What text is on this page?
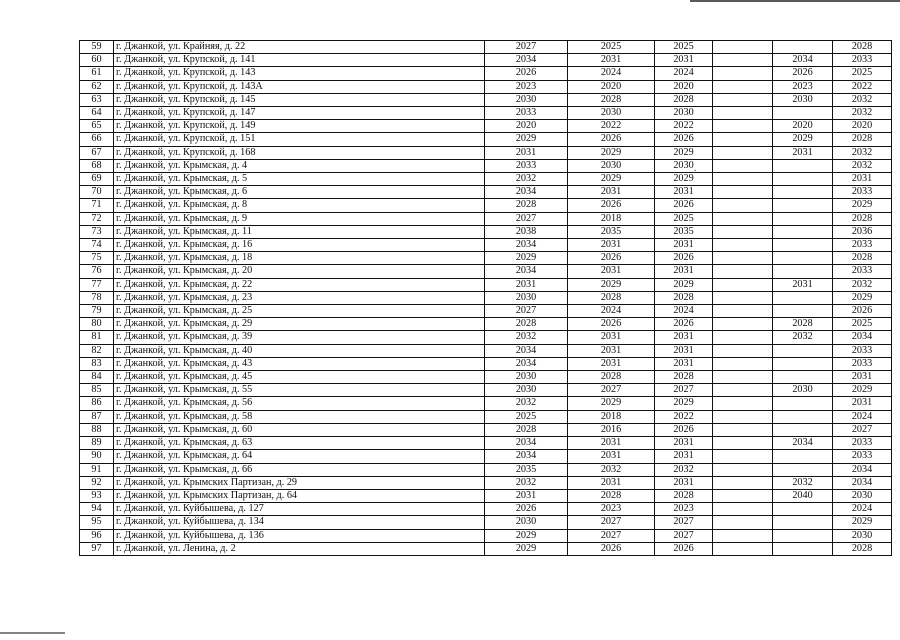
59	г. Джанкой, ул. Крайняя, д. 22	2027	2025	2025			2028
60	г. Джанкой, ул. Крупской, д. 141	2034	2031	2031		2034	2033
61	г. Джанкой, ул. Крупской, д. 143	2026	2024	2024		2026	2025
62	г. Джанкой, ул. Крупской, д. 143А	2023	2020	2020		2023	2022
63	г. Джанкой, ул. Крупской, д. 145	2030	2028	2028		2030	2032
64	г. Джанкой, ул. Крупской, д. 147	2033	2030	2030			2032
65	г. Джанкой, ул. Крупской, д. 149	2020	2022	2022		2020	2020
66	г. Джанкой, ул. Крупской, д. 151	2029	2026	2026		2029	2028
67	г. Джанкой, ул. Крупской, д. 168	2031	2029	2029		2031	2032
68	г. Джанкой, ул. Крымская, д. 4	2033	2030	2030			2032
69	г. Джанкой, ул. Крымская, д. 5	2032	2029	2029			2031
70	г. Джанкой, ул. Крымская, д. 6	2034	2031	2031			2033
71	г. Джанкой, ул. Крымская, д. 8	2028	2026	2026			2029
72	г. Джанкой, ул. Крымская, д. 9	2027	2018	2025			2028
73	г. Джанкой, ул. Крымская, д. 11	2038	2035	2035			2036
74	г. Джанкой, ул. Крымская, д. 16	2034	2031	2031			2033
75	г. Джанкой, ул. Крымская, д. 18	2029	2026	2026			2028
76	г. Джанкой, ул. Крымская, д. 20	2034	2031	2031			2033
77	г. Джанкой, ул. Крымская, д. 22	2031	2029	2029		2031	2032
78	г. Джанкой, ул. Крымская, д. 23	2030	2028	2028			2029
79	г. Джанкой, ул. Крымская, д. 25	2027	2024	2024			2026
80	г. Джанкой, ул. Крымская, д. 29	2028	2026	2026		2028	2025
81	г. Джанкой, ул. Крымская, д. 39	2032	2031	2031		2032	2034
82	г. Джанкой, ул. Крымская, д. 40	2034	2031	2031			2033
83	г. Джанкой, ул. Крымская, д. 43	2034	2031	2031			2033
84	г. Джанкой, ул. Крымская, д. 45	2030	2028	2028			2031
85	г. Джанкой, ул. Крымская, д. 55	2030	2027	2027		2030	2029
86	г. Джанкой, ул. Крымская, д. 56	2032	2029	2029			2031
87	г. Джанкой, ул. Крымская, д. 58	2025	2018	2022			2024
88	г. Джанкой, ул. Крымская, д. 60	2028	2016	2026			2027
89	г. Джанкой, ул. Крымская, д. 63	2034	2031	2031		2034	2033
90	г. Джанкой, ул. Крымская, д. 64	2034	2031	2031			2033
91	г. Джанкой, ул. Крымская, д. 66	2035	2032	2032			2034
92	г. Джанкой, ул. Крымских Партизан, д. 29	2032	2031	2031		2032	2034
93	г. Джанкой, ул. Крымских Партизан, д. 64	2031	2028	2028		2040	2030
94	г. Джанкой, ул. Куйбышева, д. 127	2026	2023	2023			2024
95	г. Джанкой, ул. Куйбышева, д. 134	2030	2027	2027			2029
96	г. Джанкой, ул. Куйбышева, д. 136	2029	2027	2027			2030
97	г. Джанкой, ул. Ленина, д. 2	2029	2026	2026			2028
.
